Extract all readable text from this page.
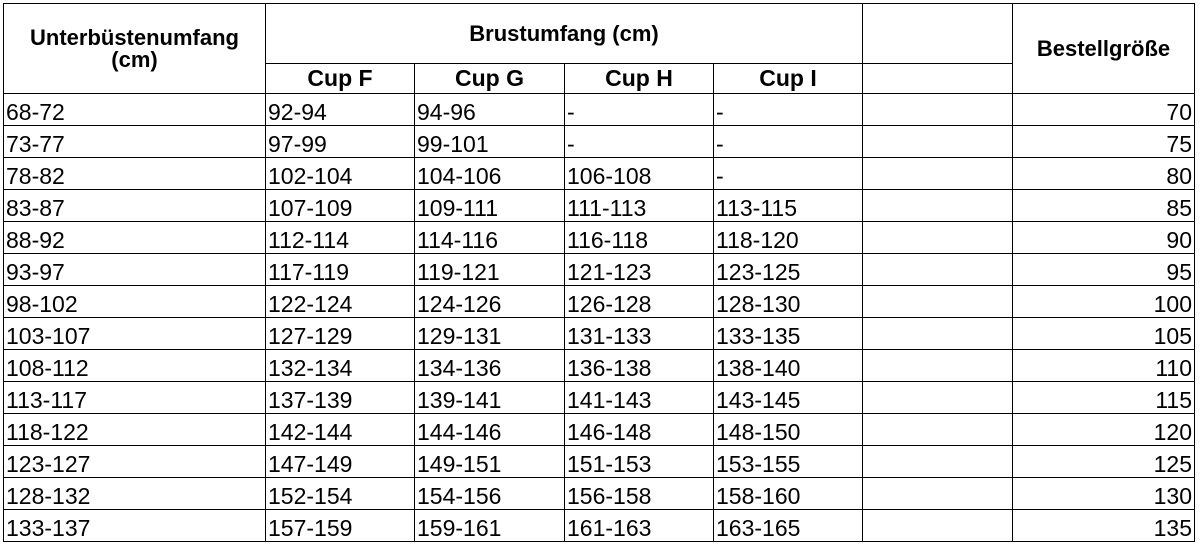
Unterbüstenumfang
(cm)	Brustumfang (cm)					Bestellgröße
	Cup F	Cup G	Cup H	Cup I		
68-72	92-94	94-96	-	-		70
73-77	97-99	99-101	-	-		75
78-82	102-104	104-106	106-108	-		80
83-87	107-109	109-111	111-113	113-115		85
88-92	112-114	114-116	116-118	118-120		90
93-97	117-119	119-121	121-123	123-125		95
98-102	122-124	124-126	126-128	128-130		100
103-107	127-129	129-131	131-133	133-135		105
108-112	132-134	134-136	136-138	138-140		110
113-117	137-139	139-141	141-143	143-145		115
118-122	142-144	144-146	146-148	148-150		120
123-127	147-149	149-151	151-153	153-155		125
128-132	152-154	154-156	156-158	158-160		130
133-137	157-159	159-161	161-163	163-165		135
